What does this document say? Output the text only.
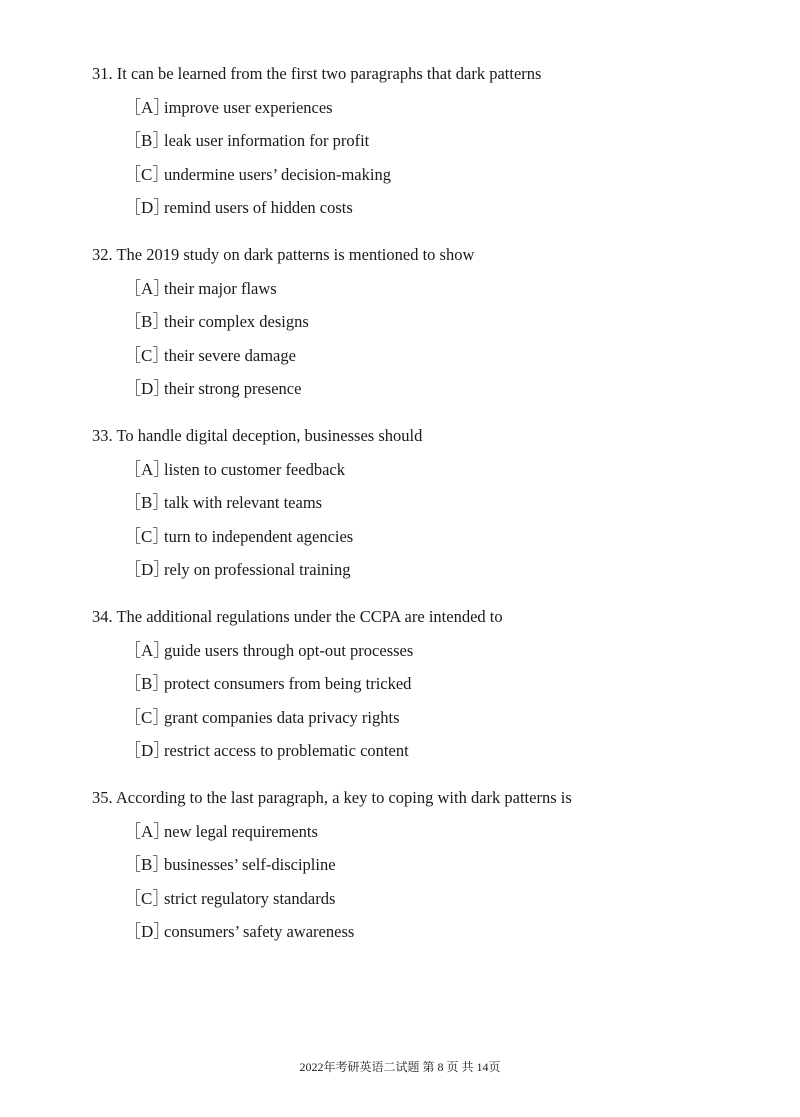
31. It can be learned from the first two paragraphs that dark patterns
［A］improve user experiences
［B］leak user information for profit
［C］undermine users’ decision-making
［D］remind users of hidden costs
32. The 2019 study on dark patterns is mentioned to show
［A］their major flaws
［B］their complex designs
［C］their severe damage
［D］their strong presence
33. To handle digital deception, businesses should
［A］listen to customer feedback
［B］talk with relevant teams
［C］turn to independent agencies
［D］rely on professional training
34. The additional regulations under the CCPA are intended to
［A］guide users through opt-out processes
［B］protect consumers from being tricked
［C］grant companies data privacy rights
［D］restrict access to problematic content
35. According to the last paragraph, a key to coping with dark patterns is
［A］new legal requirements
［B］businesses’ self-discipline
［C］strict regulatory standards
［D］consumers’ safety awareness
2022年考研英语二试题 第 8 页 共 14页
